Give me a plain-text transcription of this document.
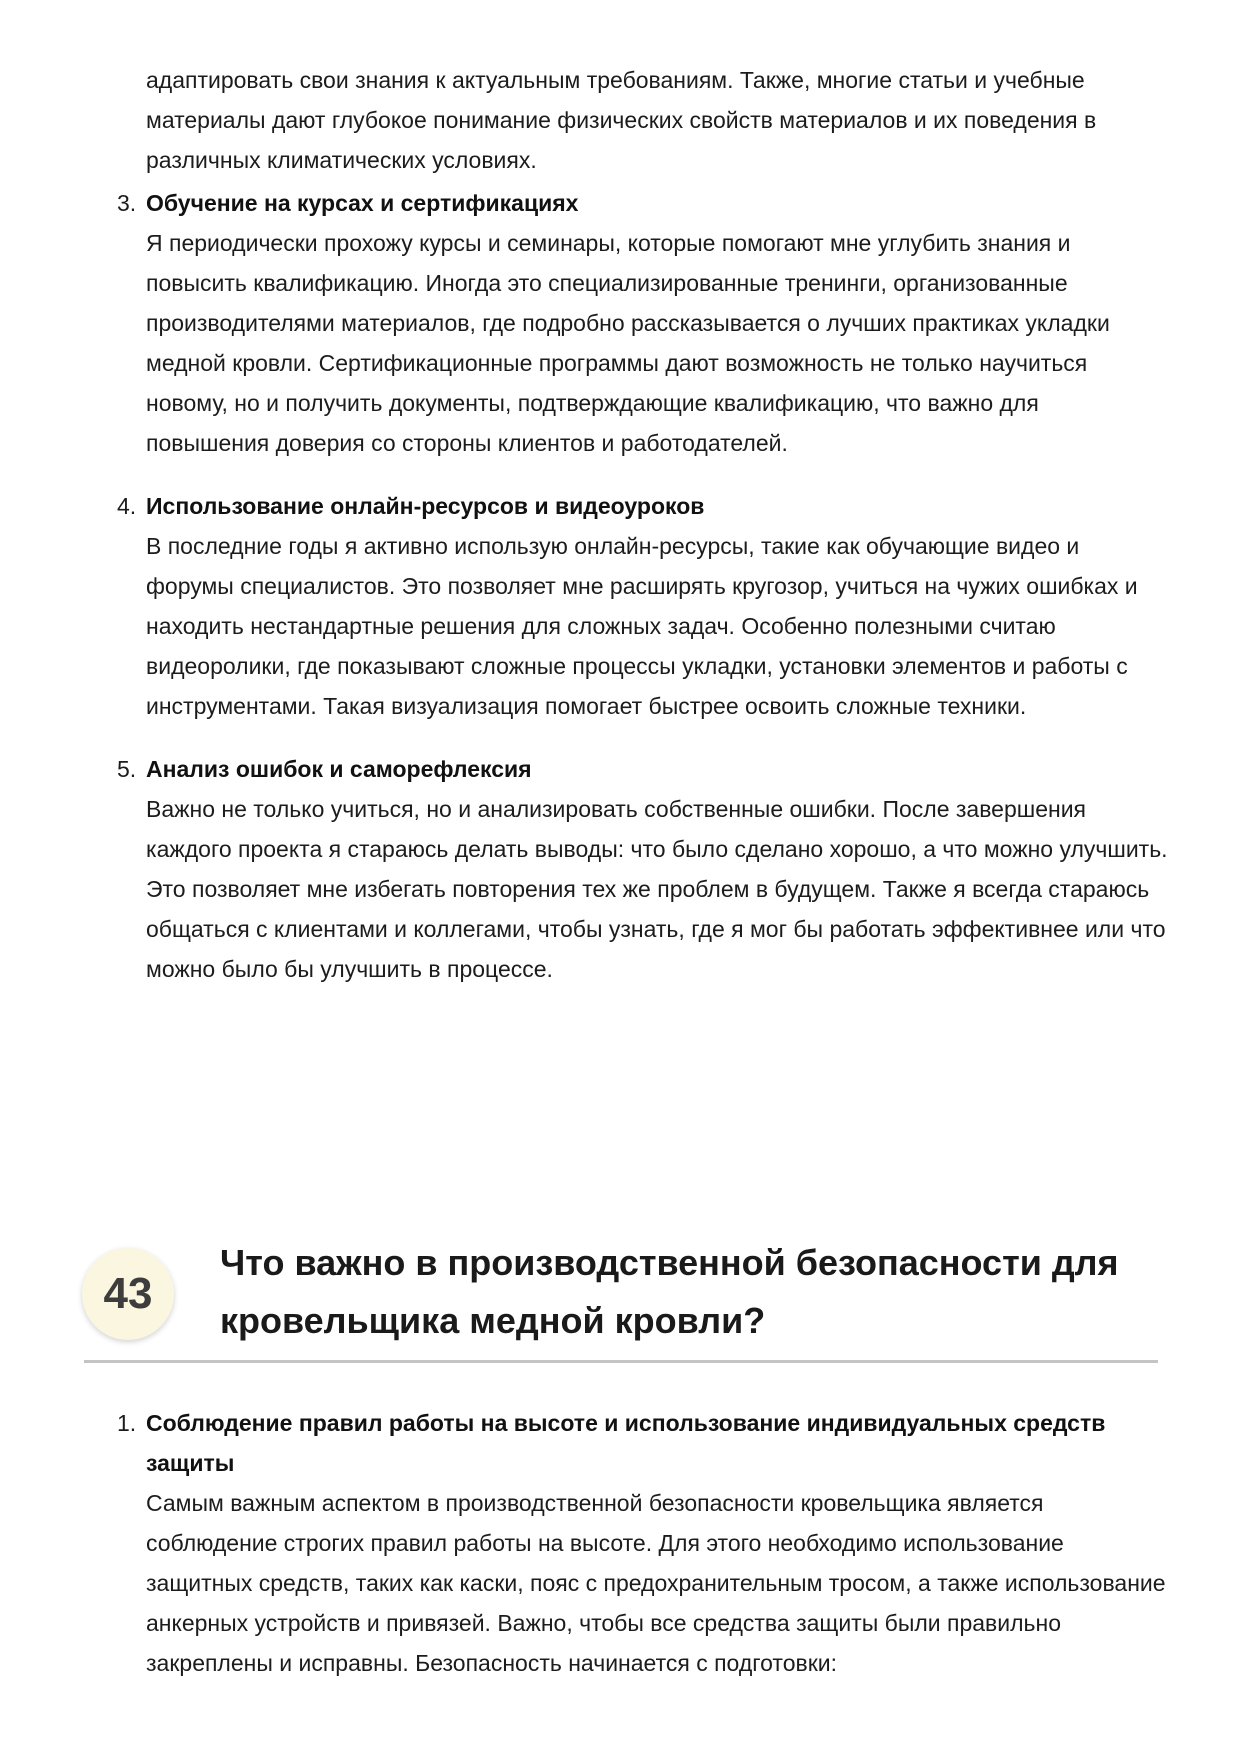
адаптировать свои знания к актуальным требованиям. Также, многие статьи и учебные материалы дают глубокое понимание физических свойств материалов и их поведения в различных климатических условиях.

3. Обучение на курсах и сертификациях

Я периодически прохожу курсы и семинары, которые помогают мне углубить знания и повысить квалификацию. Иногда это специализированные тренинги, организованные производителями материалов, где подробно рассказывается о лучших практиках укладки медной кровли. Сертификационные программы дают возможность не только научиться новому, но и получить документы, подтверждающие квалификацию, что важно для повышения доверия со стороны клиентов и работодателей.

4. Использование онлайн-ресурсов и видеоуроков

В последние годы я активно использую онлайн-ресурсы, такие как обучающие видео и форумы специалистов. Это позволяет мне расширять кругозор, учиться на чужих ошибках и находить нестандартные решения для сложных задач. Особенно полезными считаю видеоролики, где показывают сложные процессы укладки, установки элементов и работы с инструментами. Такая визуализация помогает быстрее освоить сложные техники.

5. Анализ ошибок и саморефлексия

Важно не только учиться, но и анализировать собственные ошибки. После завершения каждого проекта я стараюсь делать выводы: что было сделано хорошо, а что можно улучшить. Это позволяет мне избегать повторения тех же проблем в будущем. Также я всегда стараюсь общаться с клиентами и коллегами, чтобы узнать, где я мог бы работать эффективнее или что можно было бы улучшить в процессе.

43
Что важно в производственной безопасности для кровельщика медной кровли?
1. Соблюдение правил работы на высоте и использование индивидуальных средств защиты

Самым важным аспектом в производственной безопасности кровельщика является соблюдение строгих правил работы на высоте. Для этого необходимо использование защитных средств, таких как каски, пояс с предохранительным тросом, а также использование анкерных устройств и привязей. Важно, чтобы все средства защиты были правильно закреплены и исправны. Безопасность начинается с подготовки:
